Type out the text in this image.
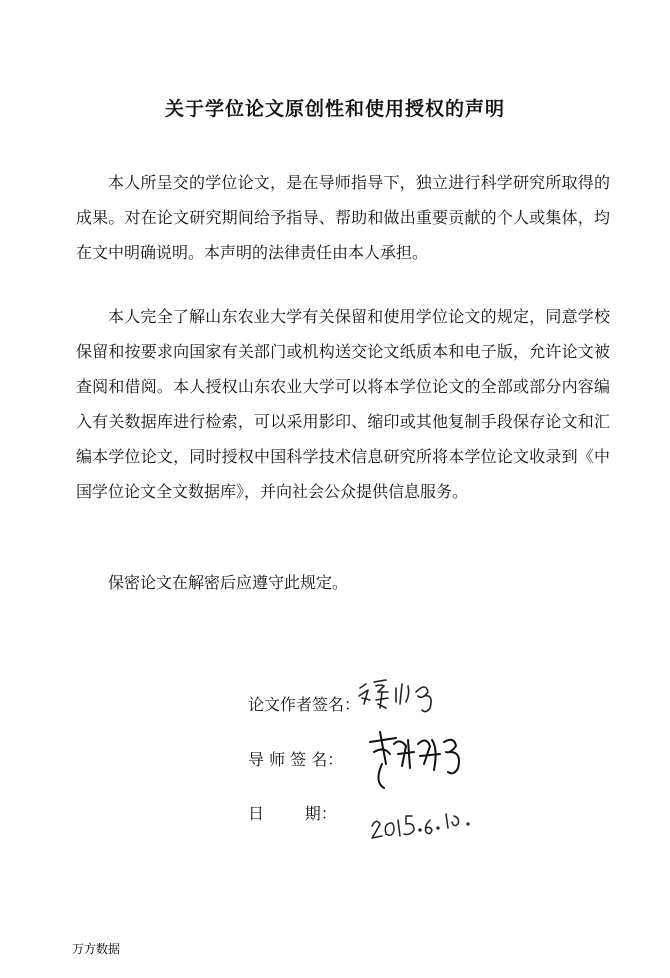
关于学位论文原创性和使用授权的声明

本人所呈交的学位论文，是在导师指导下，独立进行科学研究所取得的成果。对在论文研究期间给予指导、帮助和做出重要贡献的个人或集体，均在文中明确说明。本声明的法律责任由本人承担。

本人完全了解山东农业大学有关保留和使用学位论文的规定，同意学校保留和按要求向国家有关部门或机构送交论文纸质本和电子版，允许论文被查阅和借阅。本人授权山东农业大学可以将本学位论文的全部或部分内容编入有关数据库进行检索，可以采用影印、缩印或其他复制手段保存论文和汇编本学位论文，同时授权中国科学技术信息研究所将本学位论文收录到《中国学位论文全文数据库》，并向社会公众提供信息服务。

保密论文在解密后应遵守此规定。

论文作者签名：
导 师 签 名：
日        期：
万方数据
